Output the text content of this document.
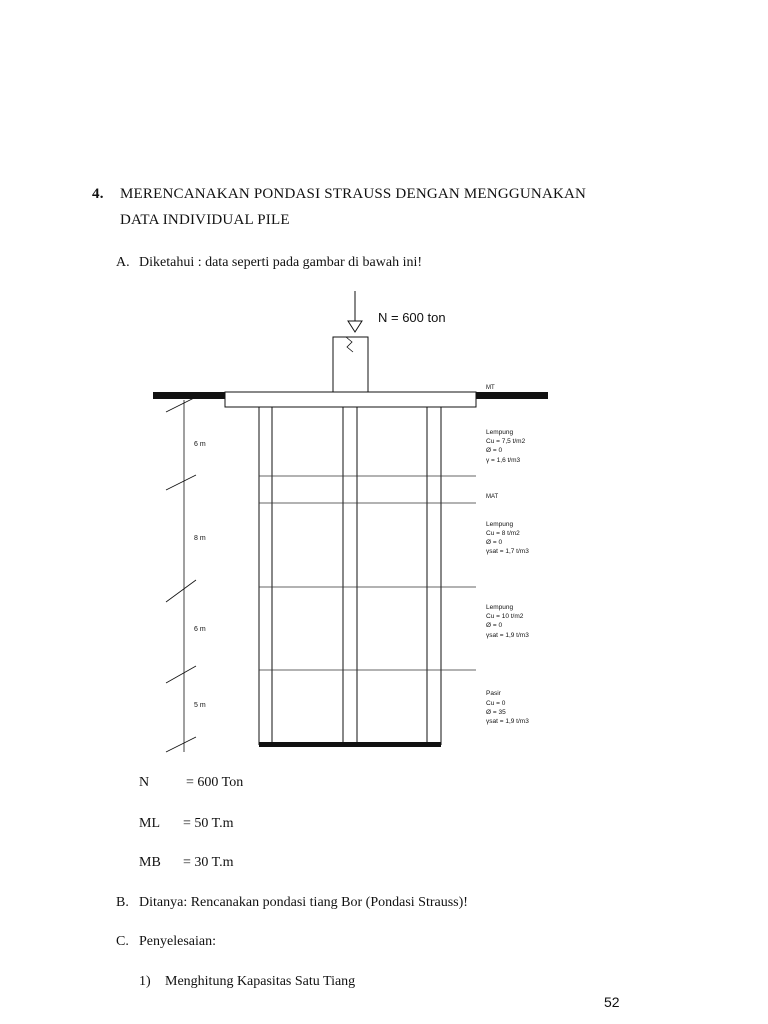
4. MERENCANAKAN PONDASI STRAUSS DENGAN MENGGUNAKAN
DATA INDIVIDUAL PILE
A. Diketahui : data seperti pada gambar di bawah ini!
N = 600 ton
6 m
8 m
6 m
5 m
MT
MAT
Lempung
Cu = 7,5 t/m2
Ø = 0
γ = 1,6 t/m3
Lempung
Cu = 8 t/m2
Ø = 0
γsat = 1,7 t/m3
Lempung
Cu = 10 t/m2
Ø = 0
γsat = 1,9 t/m3
Pasir
Cu = 0
Ø = 35
γsat = 1,9 t/m3
N	= 600 Ton
ML = 50 T.m
MB = 30 T.m
B. Ditanya: Rencanakan pondasi tiang Bor (Pondasi Strauss)!
C. Penyelesaian:
1) Menghitung Kapasitas Satu Tiang
52
